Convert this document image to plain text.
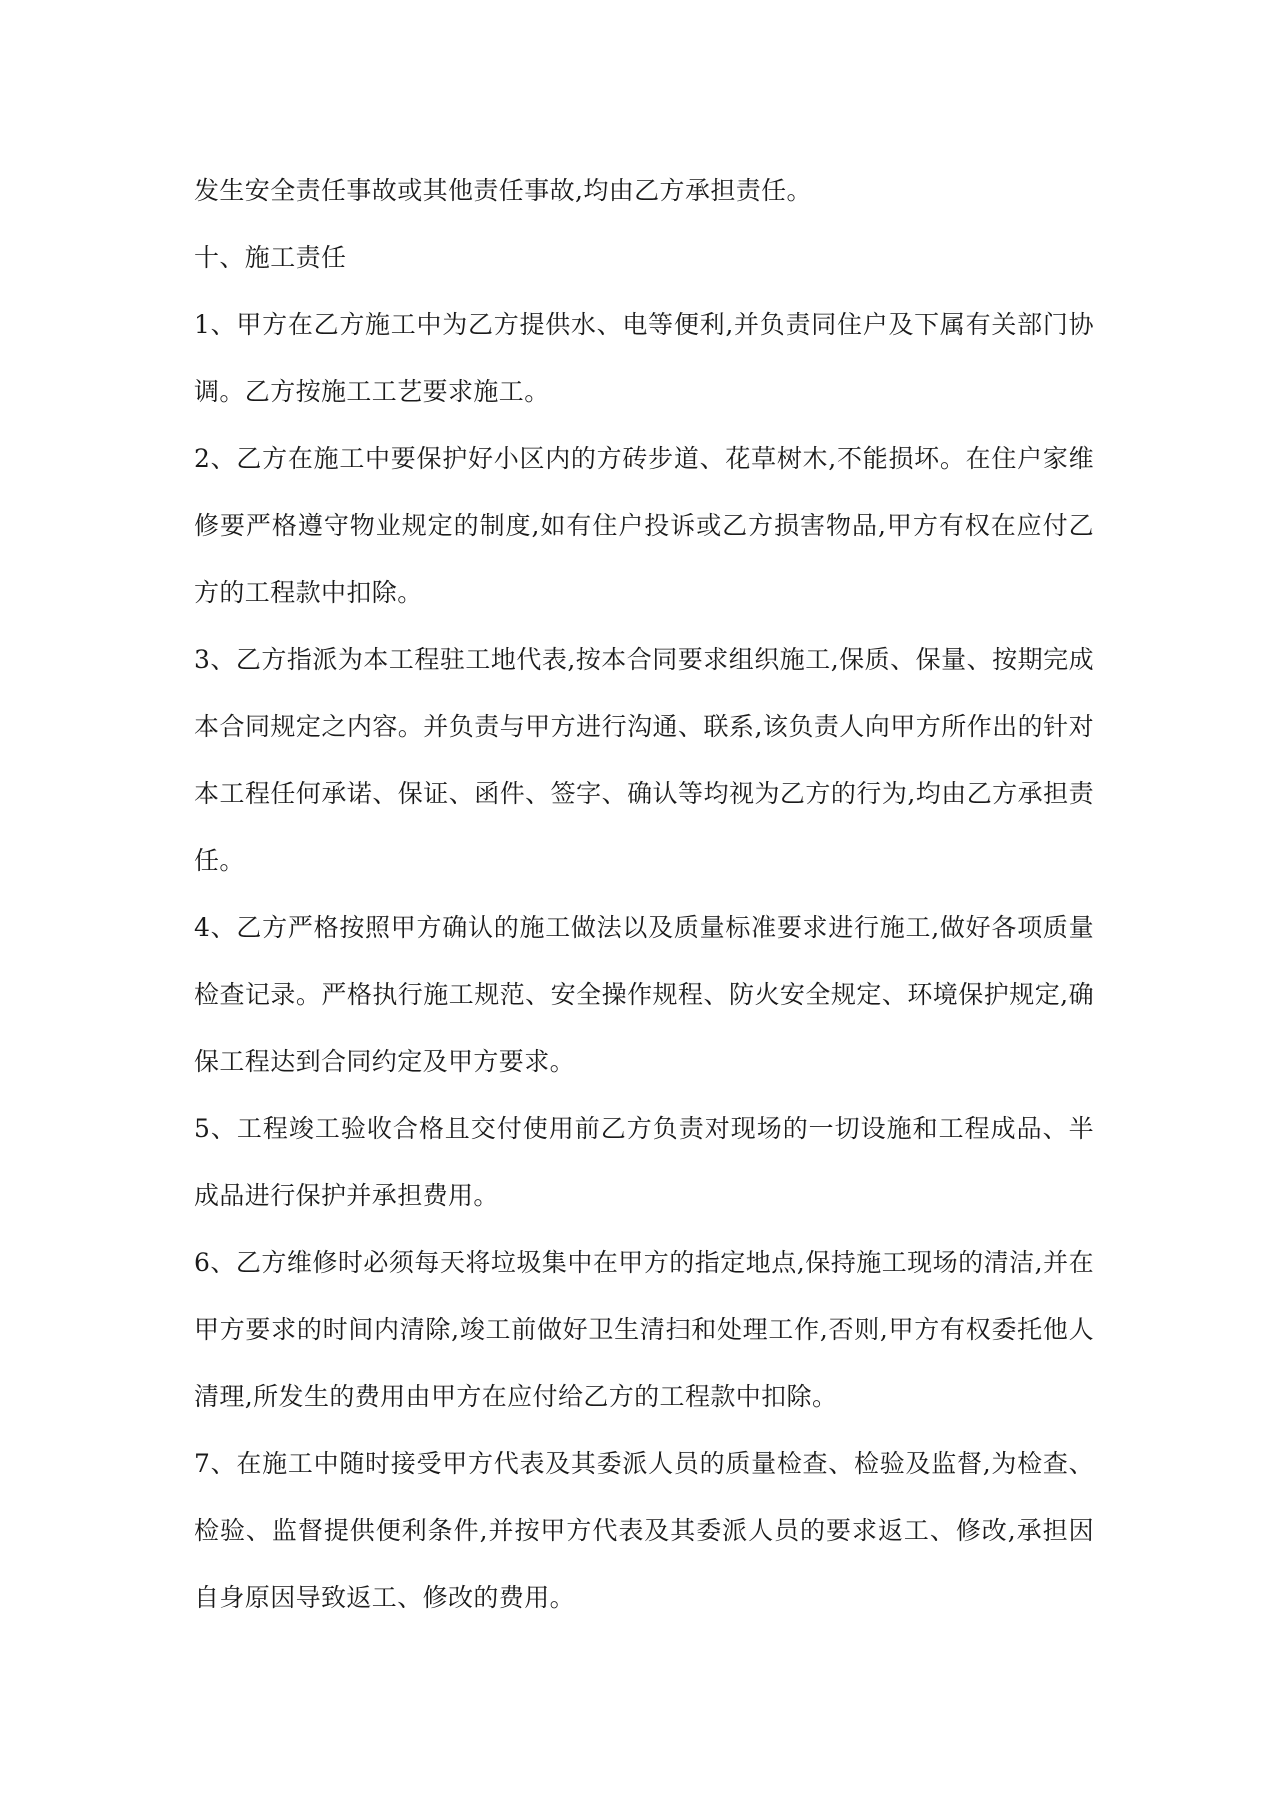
发生安全责任事故或其他责任事故,均由乙方承担责任。

十、施工责任

1、甲方在乙方施工中为乙方提供水、电等便利,并负责同住户及下属有关部门协调。乙方按施工工艺要求施工。

2、乙方在施工中要保护好小区内的方砖步道、花草树木,不能损坏。在住户家维修要严格遵守物业规定的制度,如有住户投诉或乙方损害物品,甲方有权在应付乙方的工程款中扣除。

3、乙方指派为本工程驻工地代表,按本合同要求组织施工,保质、保量、按期完成本合同规定之内容。并负责与甲方进行沟通、联系,该负责人向甲方所作出的针对本工程任何承诺、保证、函件、签字、确认等均视为乙方的行为,均由乙方承担责任。

4、乙方严格按照甲方确认的施工做法以及质量标准要求进行施工,做好各项质量检查记录。严格执行施工规范、安全操作规程、防火安全规定、环境保护规定,确保工程达到合同约定及甲方要求。

5、工程竣工验收合格且交付使用前乙方负责对现场的一切设施和工程成品、半成品进行保护并承担费用。

6、乙方维修时必须每天将垃圾集中在甲方的指定地点,保持施工现场的清洁,并在甲方要求的时间内清除,竣工前做好卫生清扫和处理工作,否则,甲方有权委托他人清理,所发生的费用由甲方在应付给乙方的工程款中扣除。

7、在施工中随时接受甲方代表及其委派人员的质量检查、检验及监督,为检查、检验、监督提供便利条件,并按甲方代表及其委派人员的要求返工、修改,承担因自身原因导致返工、修改的费用。
